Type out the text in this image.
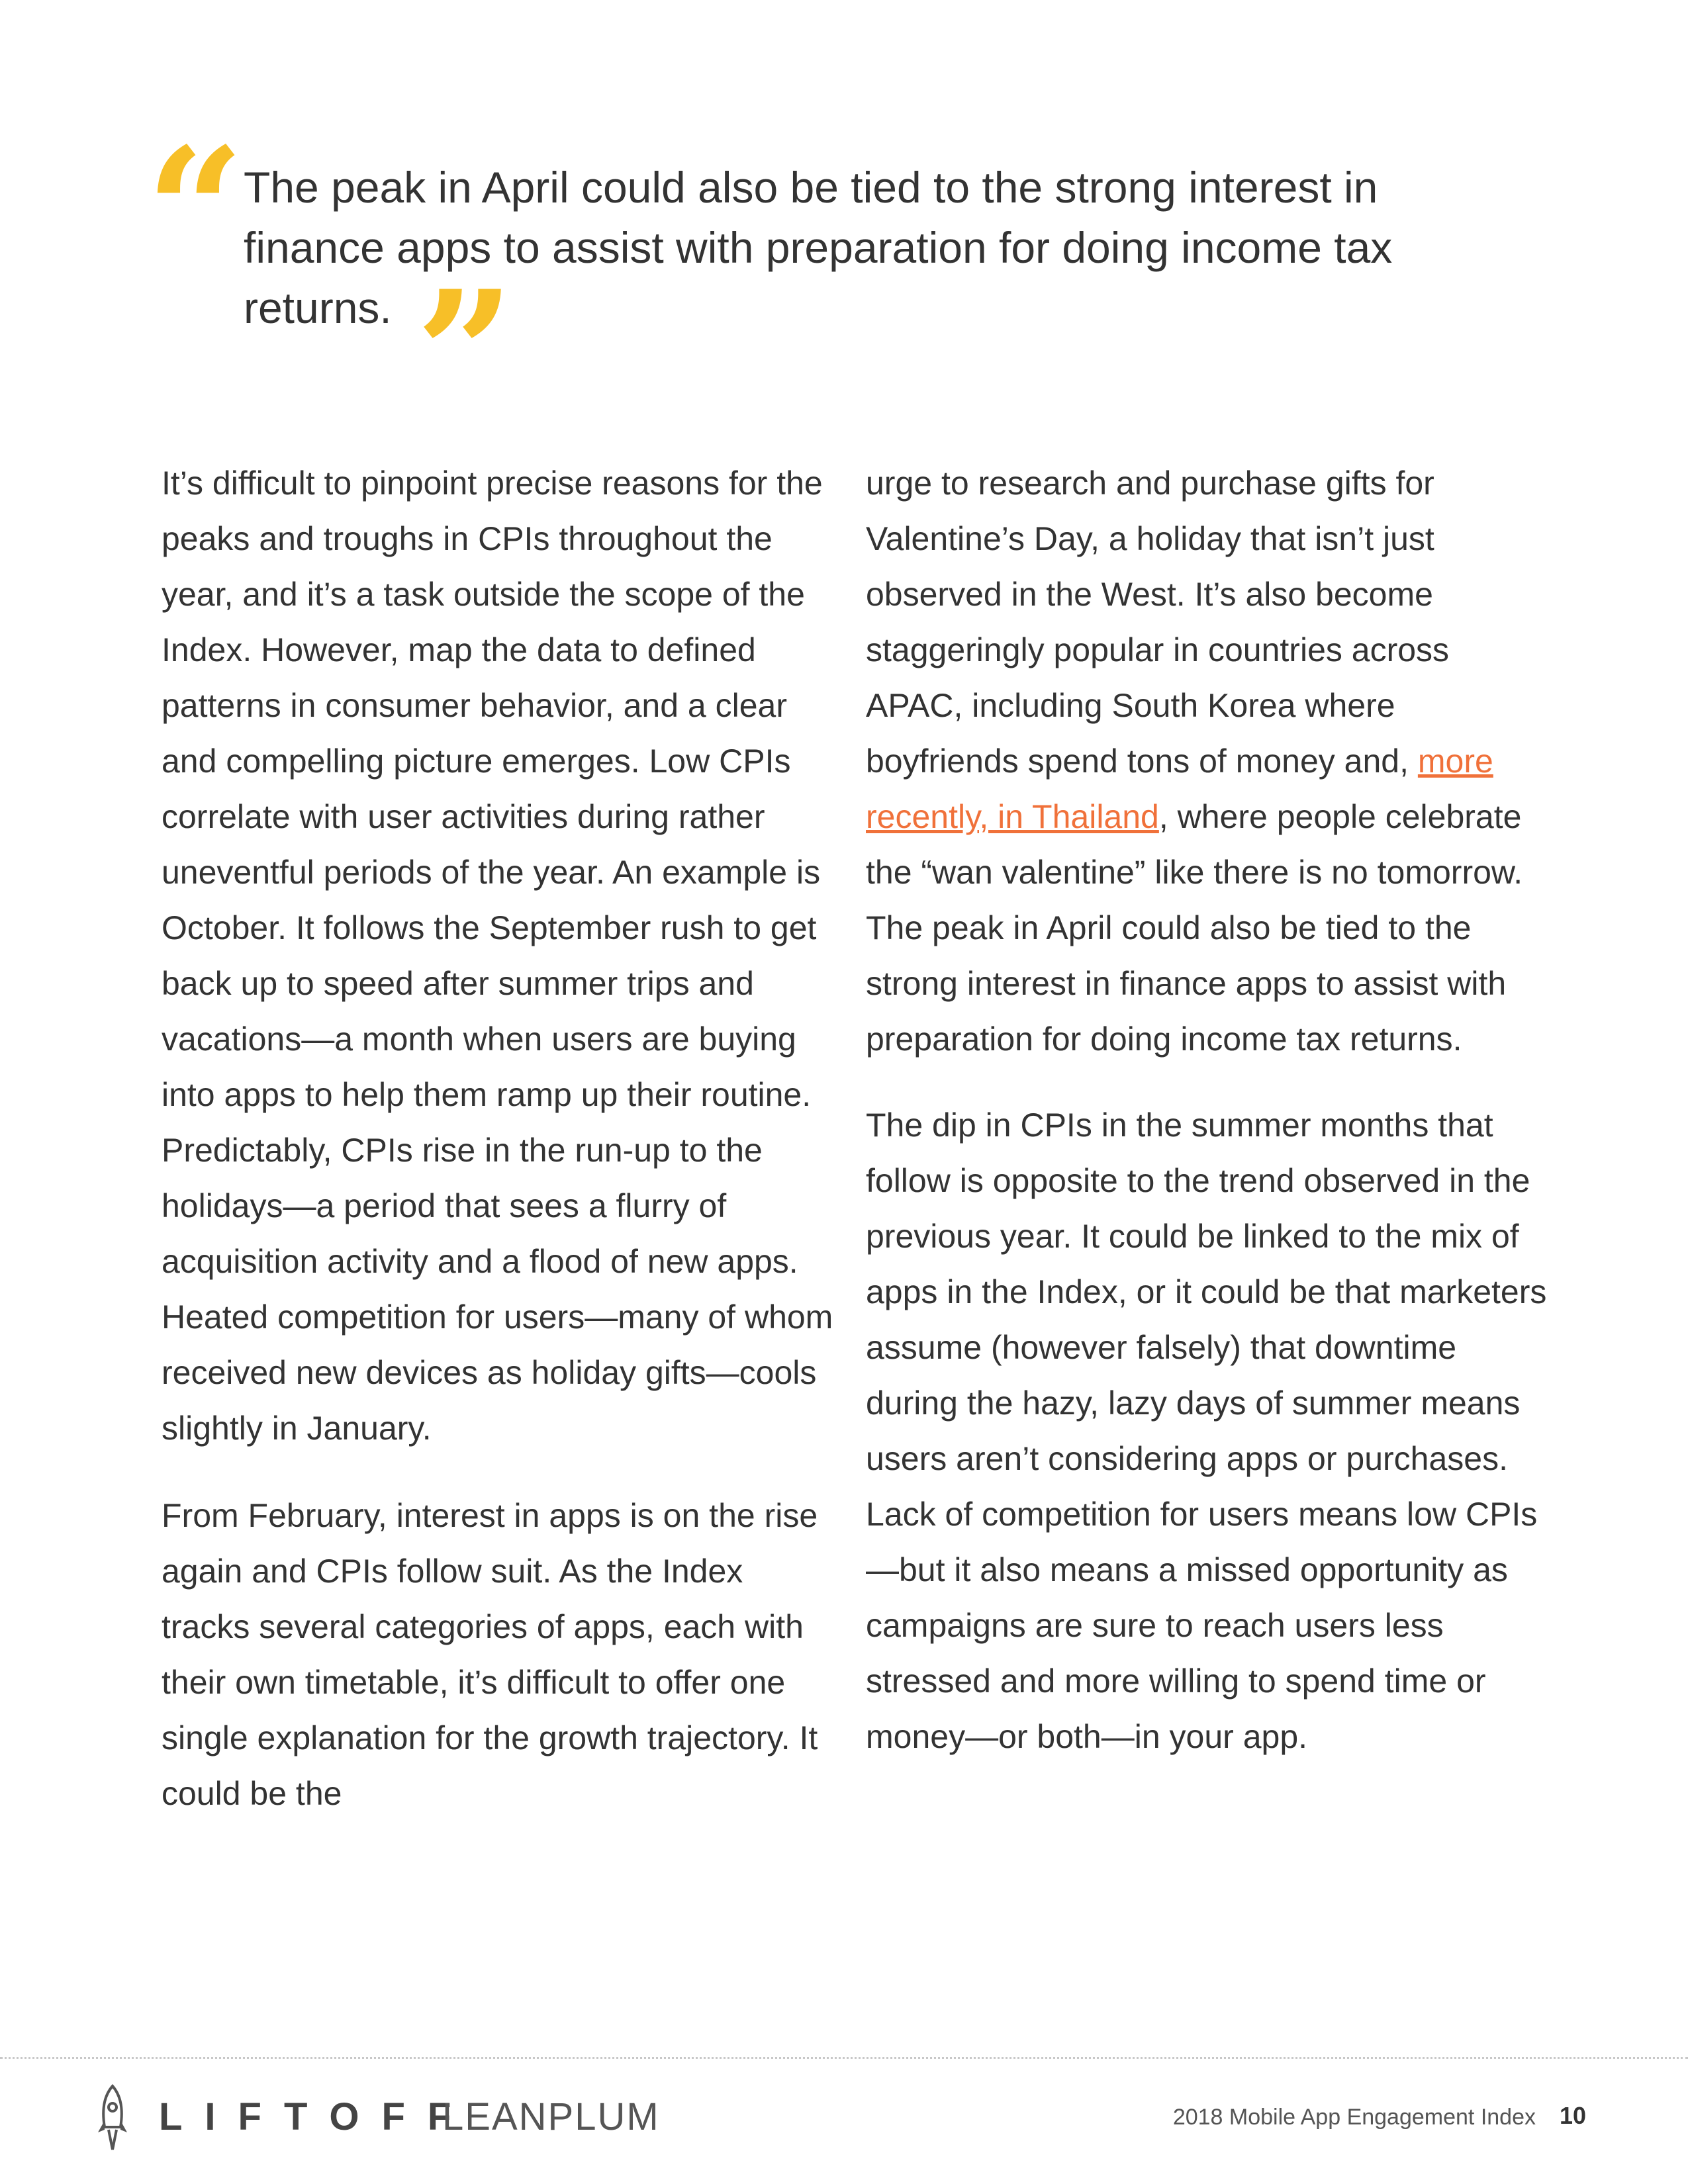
“
The peak in April could also be tied to the strong interest in finance apps to assist with preparation for doing income tax returns. ”

It’s difficult to pinpoint precise reasons for the peaks and troughs in CPIs throughout the year, and it’s a task outside the scope of the Index. However, map the data to defined patterns in consumer behavior, and a clear and compelling picture emerges. Low CPIs correlate with user activities during rather uneventful periods of the year. An example is October. It follows the September rush to get back up to speed after summer trips and vacations—a month when users are buying into apps to help them ramp up their routine. Predictably, CPIs rise in the run-up to the holidays—a period that sees a flurry of acquisition activity and a flood of new apps. Heated competition for users—many of whom received new devices as holiday gifts—cools slightly in January.

From February, interest in apps is on the rise again and CPIs follow suit. As the Index tracks several categories of apps, each with their own timetable, it’s difficult to offer one single explanation for the growth trajectory. It could be the

urge to research and purchase gifts for Valentine’s Day, a holiday that isn’t just observed in the West. It’s also become staggeringly popular in countries across APAC, including South Korea where boyfriends spend tons of money and, more recently, in Thailand, where people celebrate the “wan valentine” like there is no tomorrow. The peak in April could also be tied to the strong interest in finance apps to assist with preparation for doing income tax returns.

The dip in CPIs in the summer months that follow is opposite to the trend observed in the previous year. It could be linked to the mix of apps in the Index, or it could be that marketers assume (however falsely) that downtime during the hazy, lazy days of summer means users aren’t considering apps or purchases. Lack of competition for users means low CPIs—but it also means a missed opportunity as campaigns are sure to reach users less stressed and more willing to spend time or money—or both—in your app.

LIFTOFF
LEANPLUM	2018 Mobile App Engagement Index 10
